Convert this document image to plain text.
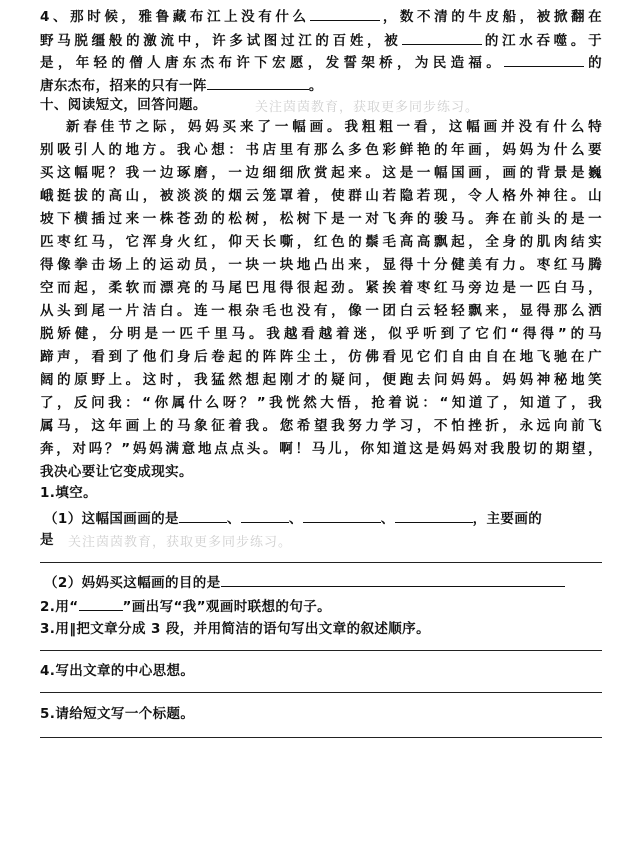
4、那时候，雅鲁藏布江上没有什么	，数不清的牛皮船，被掀翻在
野马脱缰般的激流中，许多试图过江的百姓，被	的江水吞噬。于
是，年轻的僧人唐东杰布许下宏愿，发誓架桥，为民造福。	的
唐东杰布，招来的只有一阵	。
十、阅读短文，回答问题。	关注茵茵教育，获取更多同步练习。
新春佳节之际，妈妈买来了一幅画。我粗粗一看，这幅画并没有什么特
别吸引人的地方。我心想：书店里有那么多色彩鲜艳的年画，妈妈为什么要
买这幅呢？我一边琢磨，一边细细欣赏起来。这是一幅国画，画的背景是巍
峨挺拔的高山，被淡淡的烟云笼罩着，使群山若隐若现，令人格外神往。山
坡下横插过来一株苍劲的松树，松树下是一对飞奔的骏马。奔在前头的是一
匹枣红马，它浑身火红，仰天长嘶，红色的鬃毛高高飘起，全身的肌肉结实
得像拳击场上的运动员，一块一块地凸出来，显得十分健美有力。枣红马腾
空而起，柔软而漂亮的马尾巴甩得很起劲。紧挨着枣红马旁边是一匹白马，
从头到尾一片洁白。连一根杂毛也没有，像一团白云轻轻飘来，显得那么洒
脱矫健，分明是一匹千里马。我越看越着迷，似乎听到了它们“得得”的马
蹄声，看到了他们身后卷起的阵阵尘土，仿佛看见它们自由自在地飞驰在广
阔的原野上。这时，我猛然想起刚才的疑问，便跑去问妈妈。妈妈神秘地笑
了，反问我：“你属什么呀？”我恍然大悟，抢着说：“知道了，知道了，我
属马，这年画上的马象征着我。您希望我努力学习，不怕挫折，永远向前飞
奔，对吗？”妈妈满意地点点头。啊！马儿，你知道这是妈妈对我殷切的期望，
我决心要让它变成现实。
1.填空。
（1）这幅国画画的是	、	、	、	，主要画的
是	关注茵茵教育，获取更多同步练习。
（2）妈妈买这幅画的目的是
2.用“	”画出写“我”观画时联想的句子。
3.用‖把文章分成 3 段，并用简洁的语句写出文章的叙述顺序。
4.写出文章的中心思想。
5.请给短文写一个标题。
